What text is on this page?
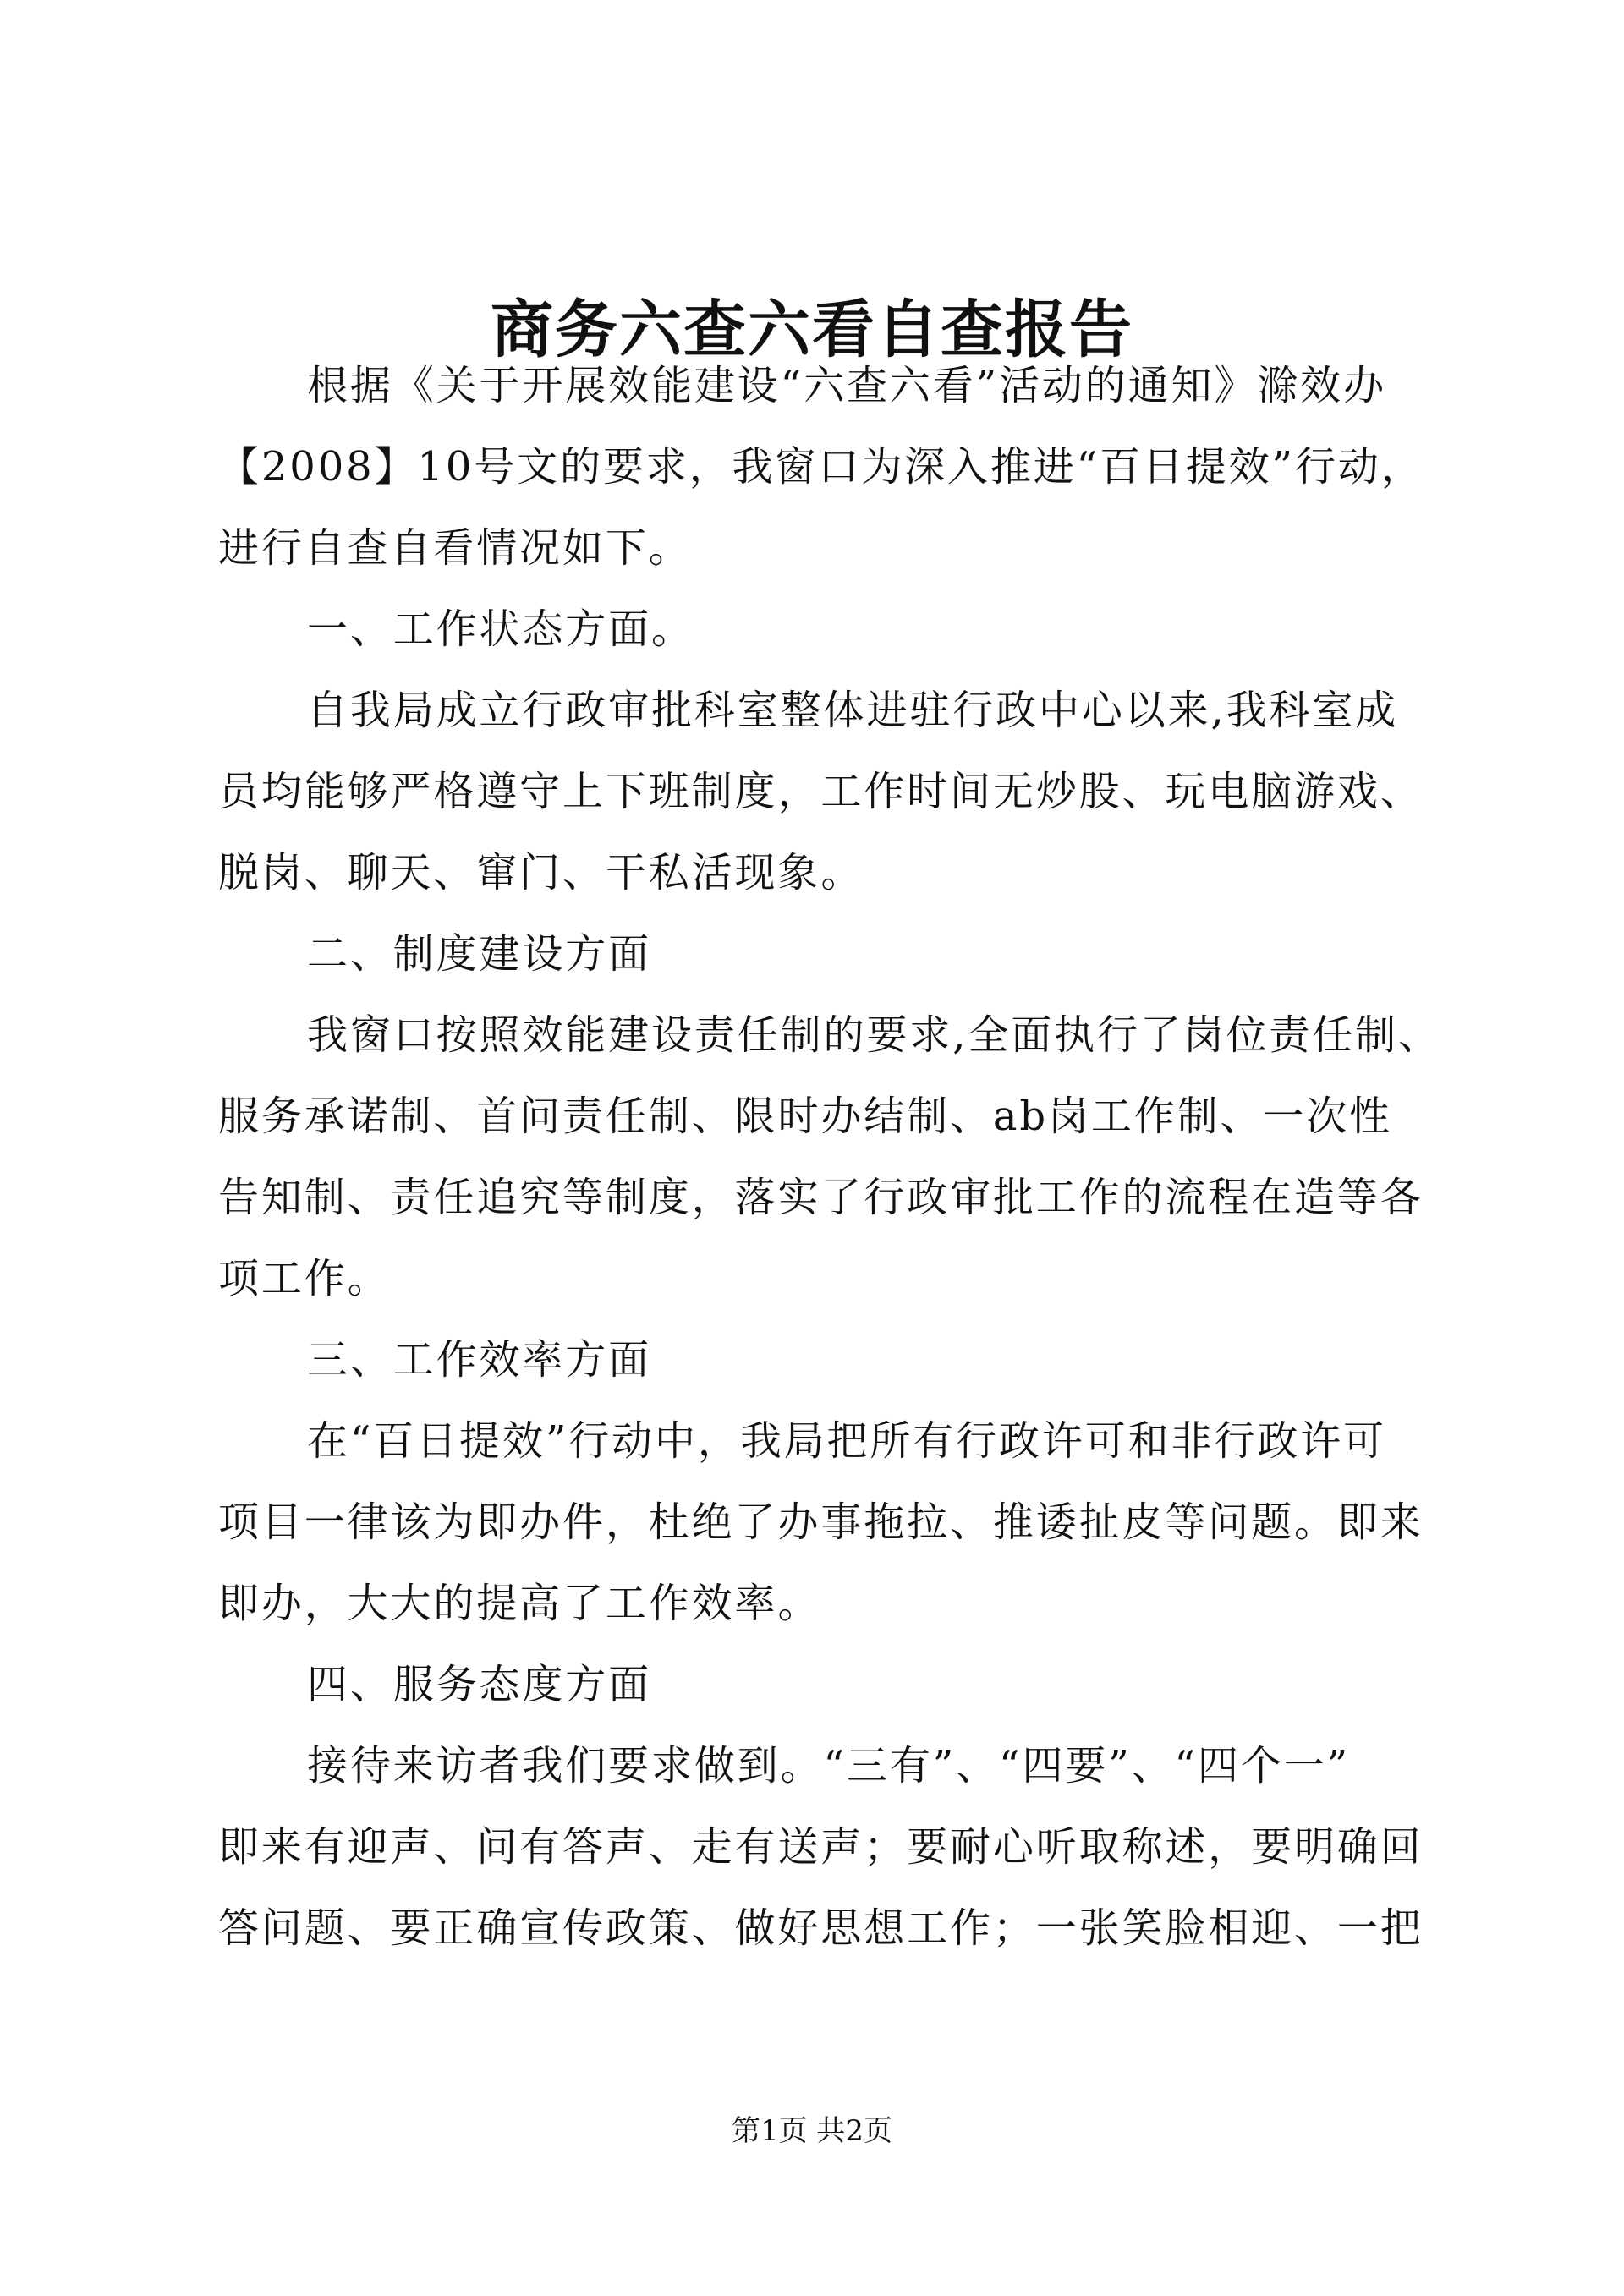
商务六查六看自查报告
根据《关于开展效能建设“六查六看”活动的通知》滁效办
【2008】10号文的要求，我窗口为深入推进“百日提效”行动，
进行自查自看情况如下。
一、工作状态方面。
自我局成立行政审批科室整体进驻行政中心以来,我科室成
员均能够严格遵守上下班制度，工作时间无炒股、玩电脑游戏、
脱岗、聊天、窜门、干私活现象。
二、制度建设方面
我窗口按照效能建设责任制的要求,全面执行了岗位责任制、
服务承诺制、首问责任制、限时办结制、ab岗工作制、一次性
告知制、责任追究等制度，落实了行政审批工作的流程在造等各
项工作。
三、工作效率方面
在“百日提效”行动中，我局把所有行政许可和非行政许可
项目一律该为即办件，杜绝了办事拖拉、推诿扯皮等问题。即来
即办，大大的提高了工作效率。
四、服务态度方面
接待来访者我们要求做到。“三有”、“四要”、“四个一”
即来有迎声、问有答声、走有送声；要耐心听取称述，要明确回
答问题、要正确宣传政策、做好思想工作；一张笑脸相迎、一把
第1页 共2页
